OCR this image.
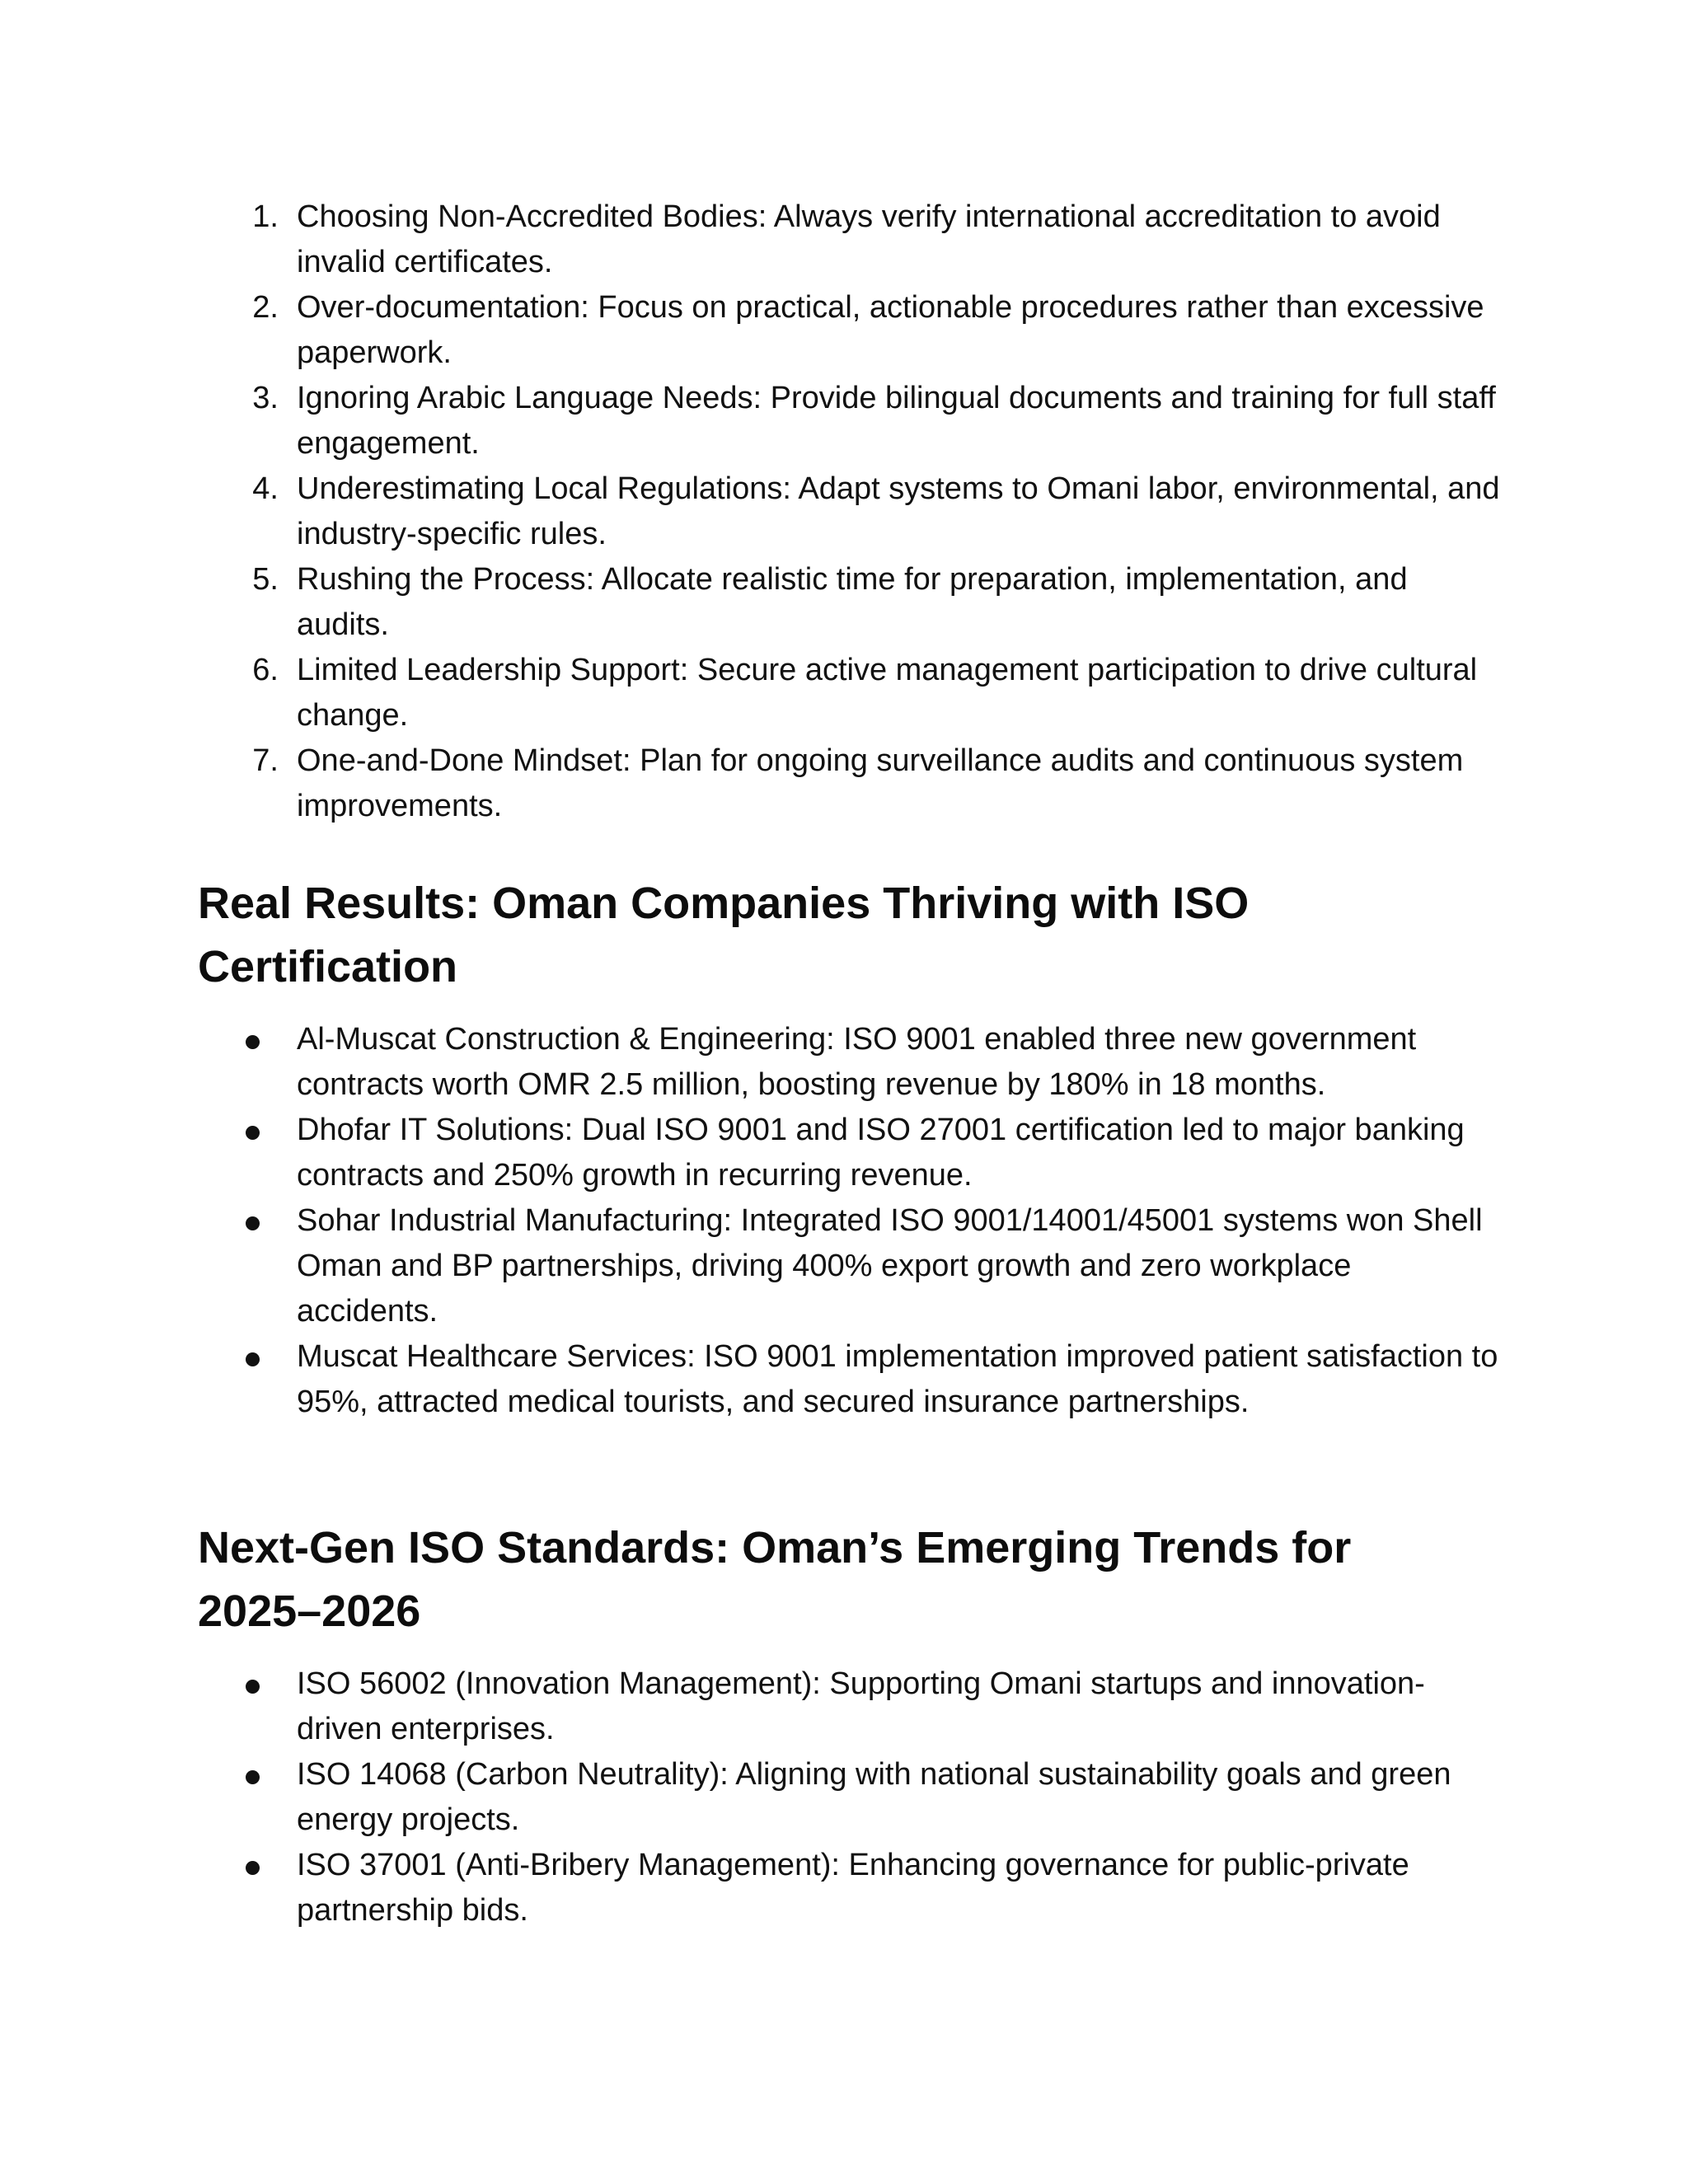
1. Choosing Non-Accredited Bodies: Always verify international accreditation to avoid invalid certificates.
2. Over-documentation: Focus on practical, actionable procedures rather than excessive paperwork.
3. Ignoring Arabic Language Needs: Provide bilingual documents and training for full staff engagement.
4. Underestimating Local Regulations: Adapt systems to Omani labor, environmental, and industry-specific rules.
5. Rushing the Process: Allocate realistic time for preparation, implementation, and audits.
6. Limited Leadership Support: Secure active management participation to drive cultural change.
7. One-and-Done Mindset: Plan for ongoing surveillance audits and continuous system improvements.
Real Results: Oman Companies Thriving with ISO Certification
Al-Muscat Construction & Engineering: ISO 9001 enabled three new government contracts worth OMR 2.5 million, boosting revenue by 180% in 18 months.
Dhofar IT Solutions: Dual ISO 9001 and ISO 27001 certification led to major banking contracts and 250% growth in recurring revenue.
Sohar Industrial Manufacturing: Integrated ISO 9001/14001/45001 systems won Shell Oman and BP partnerships, driving 400% export growth and zero workplace accidents.
Muscat Healthcare Services: ISO 9001 implementation improved patient satisfaction to 95%, attracted medical tourists, and secured insurance partnerships.
Next-Gen ISO Standards: Oman’s Emerging Trends for 2025–2026
ISO 56002 (Innovation Management): Supporting Omani startups and innovation-driven enterprises.
ISO 14068 (Carbon Neutrality): Aligning with national sustainability goals and green energy projects.
ISO 37001 (Anti-Bribery Management): Enhancing governance for public-private partnership bids.
